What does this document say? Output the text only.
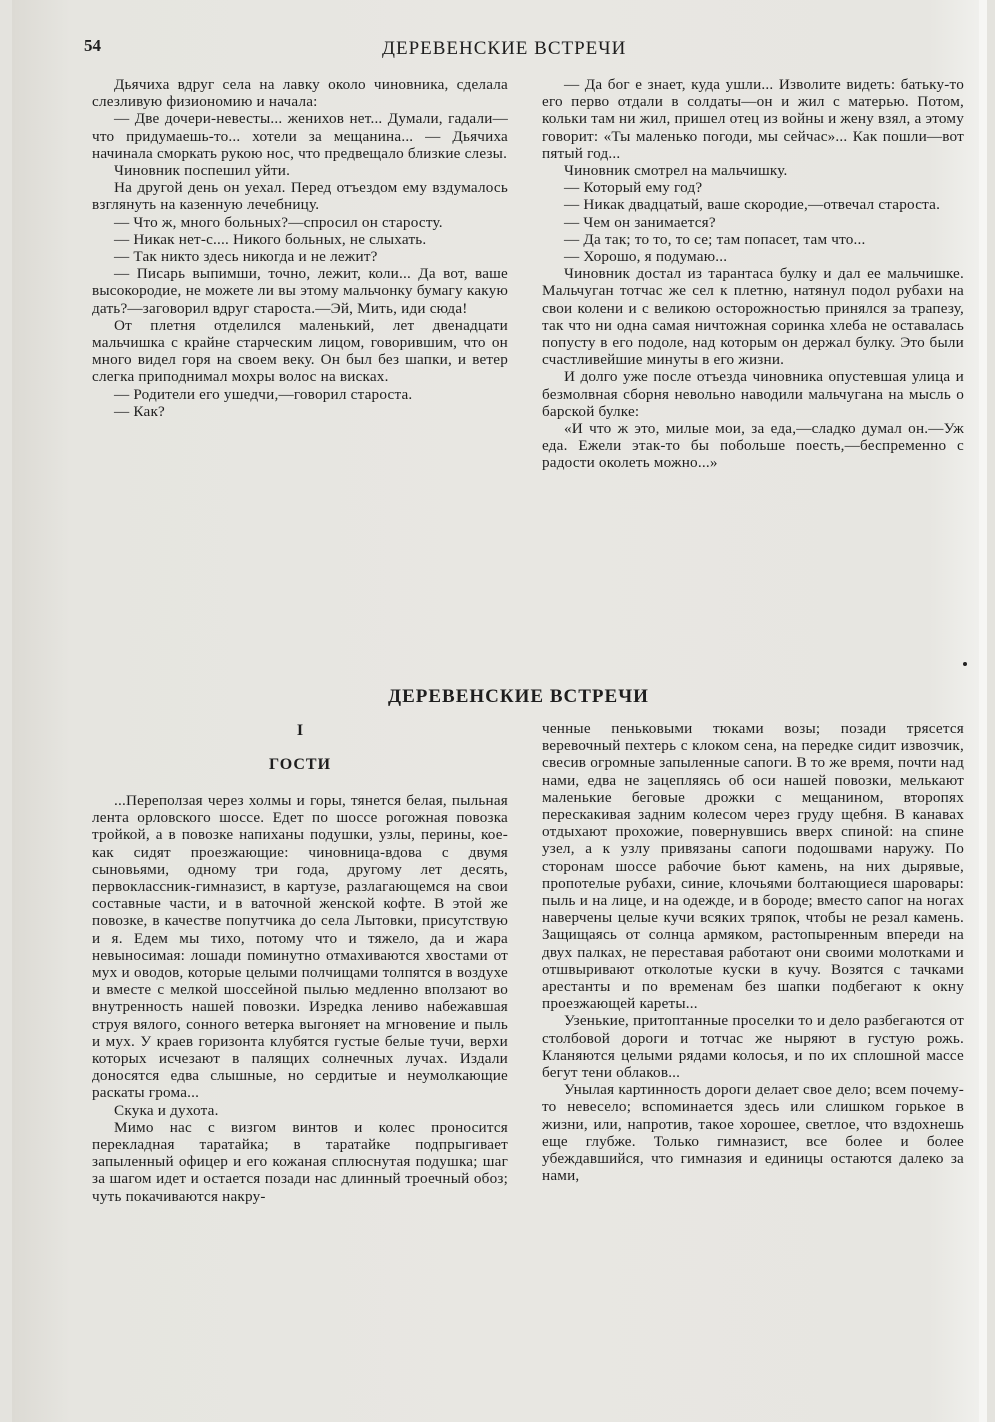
54	ДЕРЕВЕНСКИЕ ВСТРЕЧИ

Дьячиха вдруг села на лавку около чиновника, сделала слезливую физиономию и начала:

— Две дочери-невесты... женихов нет... Думали, гадали—что придумаешь-то... хотели за мещанина... — Дьячиха начинала сморкать рукою нос, что предвещало близкие слезы.

Чиновник поспешил уйти.

На другой день он уехал. Перед отъездом ему вздумалось взглянуть на казенную лечебницу.

— Что ж, много больных?—спросил он старосту.

— Никак нет-с.... Никого больных, не слыхать.

— Так никто здесь никогда и не лежит?

— Писарь выпимши, точно, лежит, коли... Да вот, ваше высокородие, не можете ли вы этому мальчонку бумагу какую дать?—заговорил вдруг староста.—Эй, Мить, иди сюда!

От плетня отделился маленький, лет двенадцати мальчишка с крайне старческим лицом, говорившим, что он много видел горя на своем веку. Он был без шапки, и ветер слегка приподнимал мохры волос на висках.

— Родители его ушедчи,—говорил староста.

— Как?

— Да бог е знает, куда ушли... Изволите видеть: батьку-то его перво отдали в солдаты—он и жил с матерью. Потом, кольки там ни жил, пришел отец из войны и жену взял, а этому говорит: «Ты маленько погоди, мы сейчас»... Как пошли—вот пятый год...

Чиновник смотрел на мальчишку.

— Который ему год?

— Никак двадцатый, ваше скородие,—отвечал староста.

— Чем он занимается?

— Да так; то то, то се; там попасет, там что...

— Хорошо, я подумаю...

Чиновник достал из тарантаса булку и дал ее мальчишке. Мальчуган тотчас же сел к плетню, натянул подол рубахи на свои колени и с великою осторожностью принялся за трапезу, так что ни одна самая ничтожная соринка хлеба не оставалась попусту в его подоле, над которым он держал булку. Это были счастливейшие минуты в его жизни.

И долго уже после отъезда чиновника опустевшая улица и безмолвная сборня невольно наводили мальчугана на мысль о барской булке:

«И что ж это, милые мои, за еда,—сладко думал он.—Уж еда. Ежели этак-то бы побольше поесть,—беспременно с радости околеть можно...»

ДЕРЕВЕНСКИЕ ВСТРЕЧИ
I
ГОСТИ

...Переползая через холмы и горы, тянется белая, пыльная лента орловского шоссе. Едет по шоссе рогожная повозка тройкой, а в повозке напиханы подушки, узлы, перины, кое-как сидят проезжающие: чиновница-вдова с двумя сыновьями, одному три года, другому лет десять, первоклассник-гимназист, в картузе, разлагающемся на свои составные части, и в ваточной женской кофте. В этой же повозке, в качестве попутчика до села Лытовки, присутствую и я. Едем мы тихо, потому что и тяжело, да и жара невыносимая: лошади поминутно отмахиваются хвостами от мух и оводов, которые целыми полчищами толпятся в воздухе и вместе с мелкой шоссейной пылью медленно вползают во внутренность нашей повозки. Изредка лениво набежавшая струя вялого, сонного ветерка выгоняет на мгновение и пыль и мух. У краев горизонта клубятся густые белые тучи, верхи которых исчезают в палящих солнечных лучах. Издали доносятся едва слышные, но сердитые и неумолкающие раскаты грома...

Скука и духота.

Мимо нас с визгом винтов и колес проносится перекладная таратайка; в таратайке подпрыгивает запыленный офицер и его кожаная сплюснутая подушка; шаг за шагом идет и остается позади нас длинный троечный обоз; чуть покачиваются накру-

ченные пеньковыми тюками возы; позади трясется веревочный пехтерь с клоком сена, на передке сидит извозчик, свесив огромные запыленные сапоги. В то же время, почти над нами, едва не зацепляясь об оси нашей повозки, мелькают маленькие беговые дрожки с мещанином, второпях перескакивая задним колесом через груду щебня. В канавах отдыхают прохожие, повернувшись вверх спиной: на спине узел, а к узлу привязаны сапоги подошвами наружу. По сторонам шоссе рабочие бьют камень, на них дырявые, пропотелые рубахи, синие, клочьями болтающиеся шаровары: пыль и на лице, и на одежде, и в бороде; вместо сапог на ногах наверчены целые кучи всяких тряпок, чтобы не резал камень. Защищаясь от солнца армяком, растопыренным впереди на двух палках, не переставая работают они своими молотками и отшвыривают отколотые куски в кучу. Возятся с тачками арестанты и по временам без шапки подбегают к окну проезжающей кареты...

Узенькие, притоптанные проселки то и дело разбегаются от столбовой дороги и тотчас же ныряют в густую рожь. Кланяются целыми рядами колосья, и по их сплошной массе бегут тени облаков...

Унылая картинность дороги делает свое дело; всем почему-то невесело; вспоминается здесь или слишком горькое в жизни, или, напротив, такое хорошее, светлое, что вздохнешь еще глубже. Только гимназист, все более и более убеждавшийся, что гимназия и единицы остаются далеко за нами,
